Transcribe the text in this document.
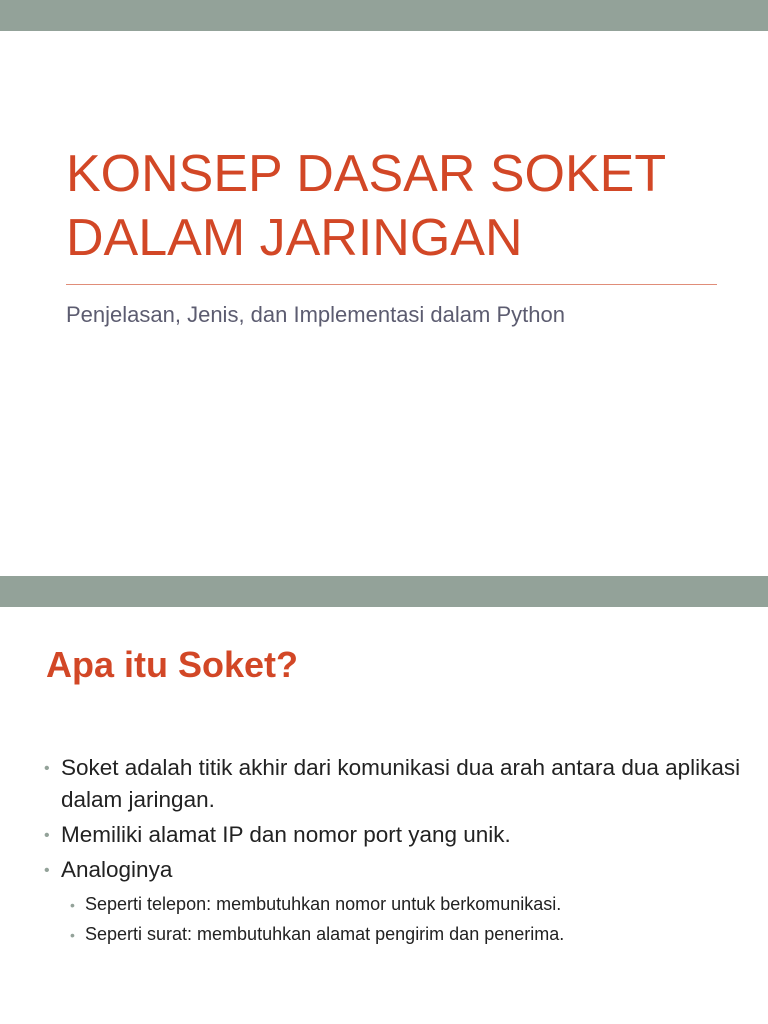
KONSEP DASAR SOKET DALAM JARINGAN

Penjelasan, Jenis, dan Implementasi dalam Python

Apa itu Soket?
• Soket adalah titik akhir dari komunikasi dua arah antara dua aplikasi dalam jaringan.
• Memiliki alamat IP dan nomor port yang unik.
• Analoginya
• Seperti telepon: membutuhkan nomor untuk berkomunikasi.
• Seperti surat: membutuhkan alamat pengirim dan penerima.
